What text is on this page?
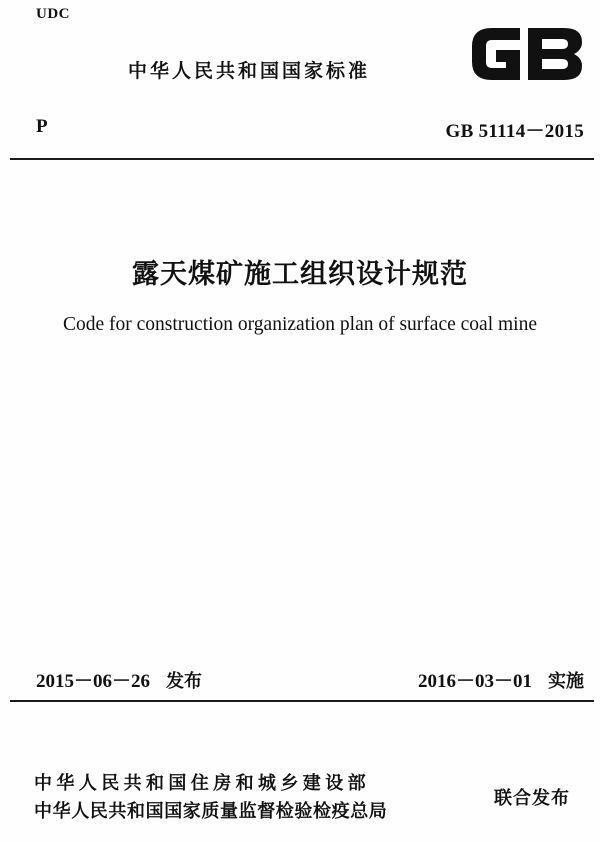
UDC
中华人民共和国国家标准
P	GB 51114－2015
露天煤矿施工组织设计规范
Code for construction organization plan of surface coal mine
2015－06－26 发布	2016－03－01 实施
中华人民共和国住房和城乡建设部
中华人民共和国国家质量监督检验检疫总局
联合发布
